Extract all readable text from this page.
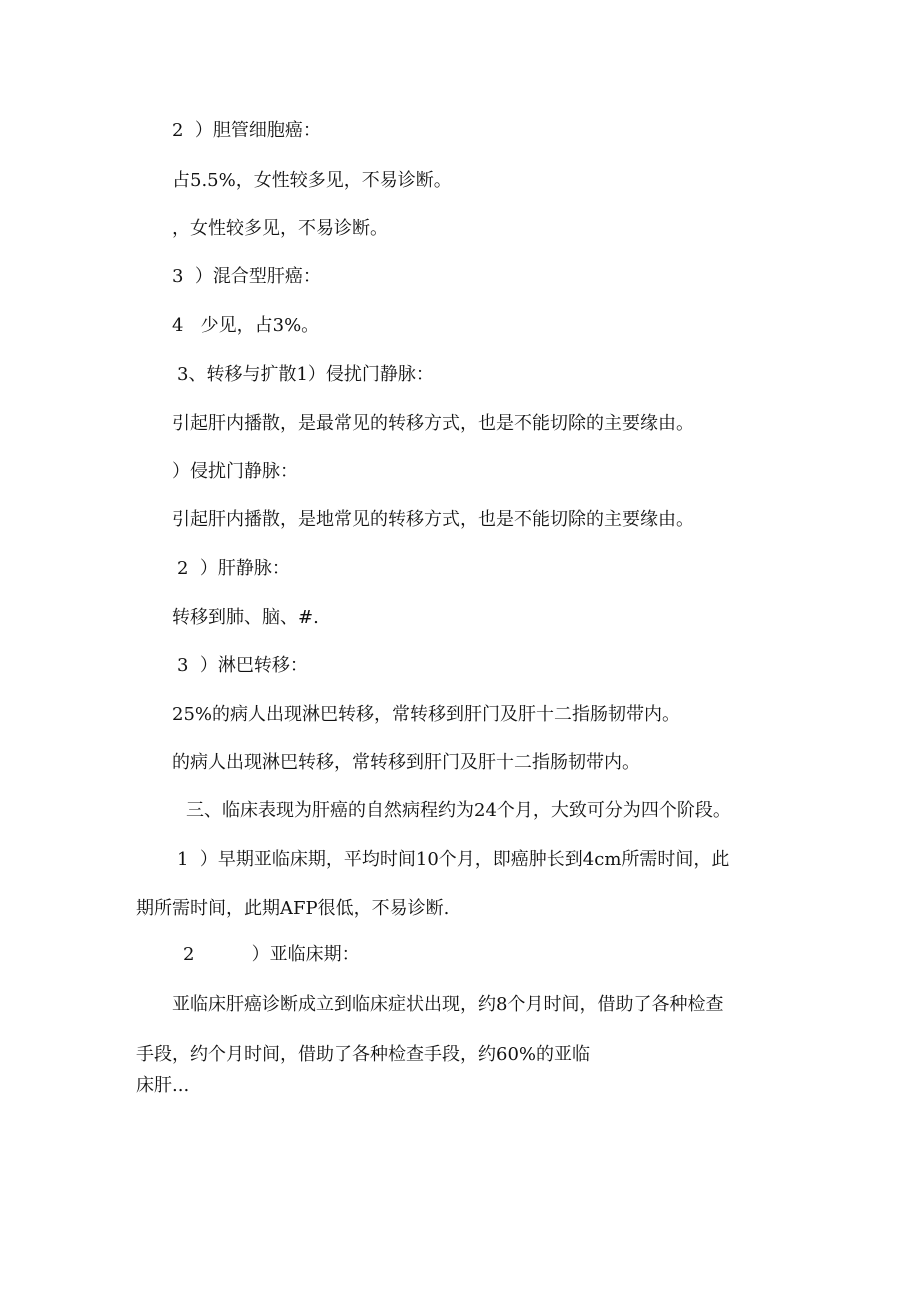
2  ）胆管细胞癌：

占5.5%，女性较多见，不易诊断。

，女性较多见，不易诊断。

3  ）混合型肝癌：

4   少见，占3%。

3、转移与扩散1）侵扰门静脉：

引起肝内播散，是最常见的转移方式，也是不能切除的主要缘由。

）侵扰门静脉：

引起肝内播散，是地常见的转移方式，也是不能切除的主要缘由。

2  ）肝静脉：

转移到肺、脑、#.

3  ）淋巴转移：

25%的病人出现淋巴转移，常转移到肝门及肝十二指肠韧带内。

的病人出现淋巴转移，常转移到肝门及肝十二指肠韧带内。

三、临床表现为肝癌的自然病程约为24个月，大致可分为四个阶段。

1  ）早期亚临床期，平均时间10个月，即癌肿长到4cm所需时间，此

期所需时间，此期AFP很低，不易诊断.

2          ）亚临床期：

亚临床肝癌诊断成立到临床症状出现，约8个月时间，借助了各种检查

手段，约个月时间，借助了各种检查手段，约60%的亚临

床肝...
